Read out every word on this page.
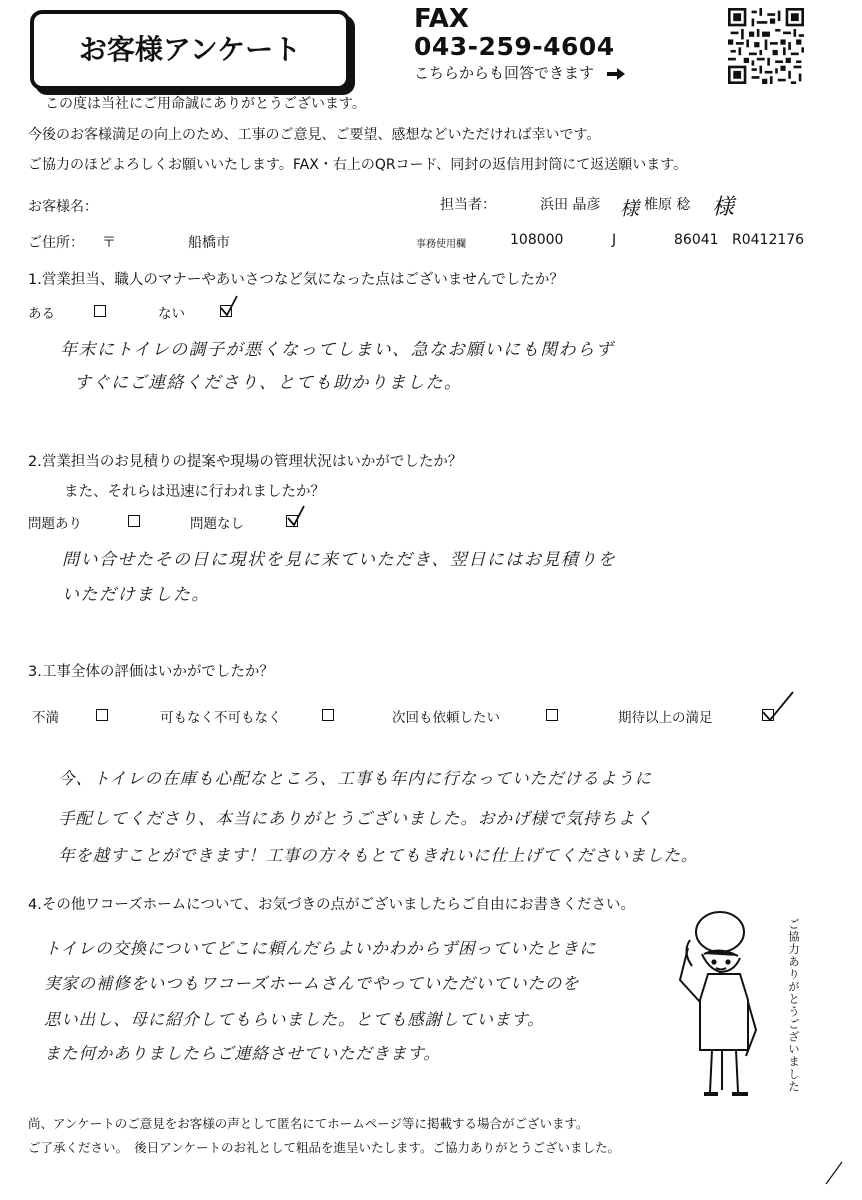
お客様アンケート
FAX
043-259-4604
こちらからも回答できます
この度は当社にご用命誠にありがとうございます。
今後のお客様満足の向上のため、工事のご意見、ご要望、感想などいただければ幸いです。
ご協力のほどよろしくお願いいたします。FAX・右上のQRコード、同封の返信用封筒にて返送願います。
お客様名：	担当者：	浜田 晶彦 様 椎原 稔 様
ご住所： 〒	船橋市	事務使用欄	108000	J	86041 R0412176
1.営業担当、職人のマナーやあいさつなど気になった点はございませんでしたか？
ある	ない
年末にトイレの調子が悪くなってしまい、急なお願いにも関わらず
すぐにご連絡くださり、とても助かりました。
2.営業担当のお見積りの提案や現場の管理状況はいかがでしたか？
また、それらは迅速に行われましたか？
問題あり	問題なし
問い合せたその日に現状を見に来ていただき、翌日にはお見積りを
いただけました。
3.工事全体の評価はいかがでしたか？
不満	可もなく不可もなく	次回も依頼したい	期待以上の満足
今、トイレの在庫も心配なところ、工事も年内に行なっていただけるように
手配してくださり、本当にありがとうございました。おかげ様で気持ちよく
年を越すことができます！工事の方々もとてもきれいに仕上げてくださいました。
4.その他ワコーズホームについて、お気づきの点がございましたらご自由にお書きください。
トイレの交換についてどこに頼んだらよいかわからず困っていたときに
実家の補修をいつもワコーズホームさんでやっていただいていたのを
思い出し、母に紹介してもらいました。とても感謝しています。
また何かありましたらご連絡させていただきます。	ご協力ありがとうございました
尚、アンケートのご意見をお客様の声として匿名にてホームページ等に掲載する場合がございます。
ご了承ください。　後日アンケートのお礼として粗品を進呈いたします。ご協力ありがとうございました。
